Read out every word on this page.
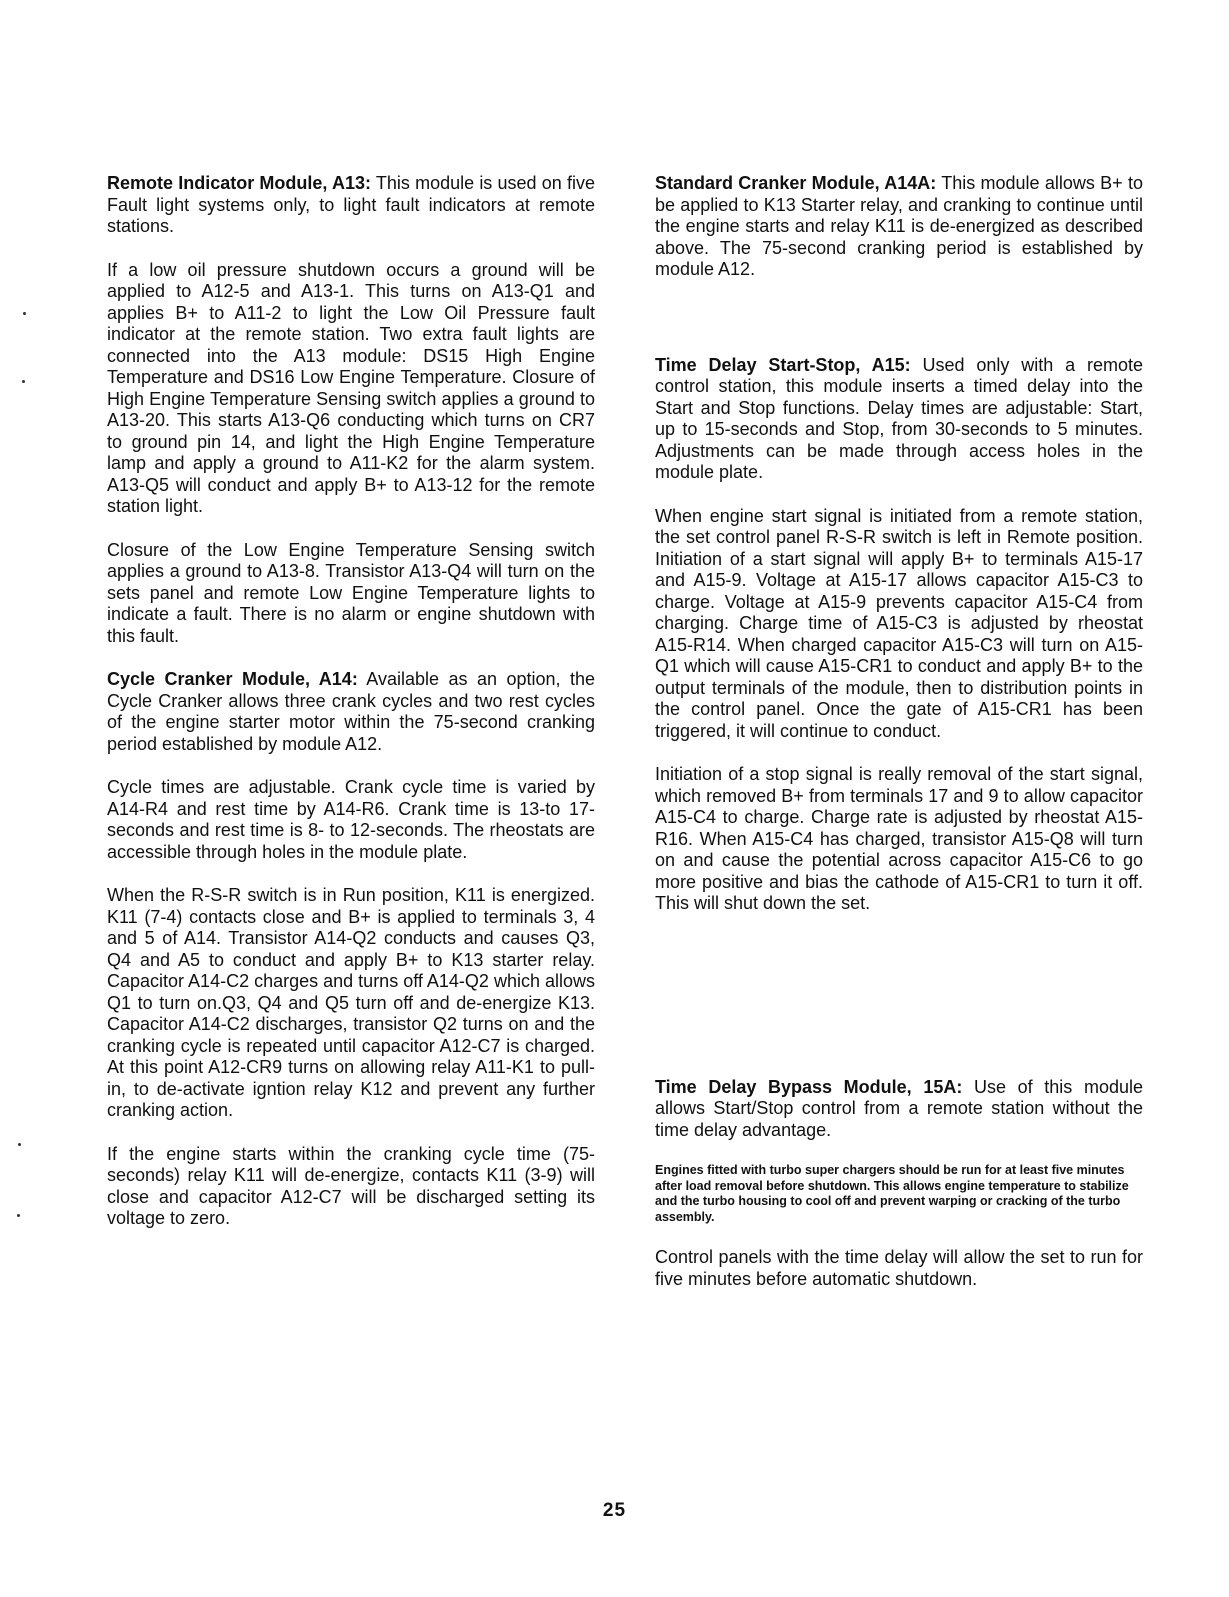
Remote Indicator Module, A13: This module is used on five Fault light systems only, to light fault indicators at remote stations.

If a low oil pressure shutdown occurs a ground will be applied to A12-5 and A13-1. This turns on A13-Q1 and applies B+ to A11-2 to light the Low Oil Pressure fault indicator at the remote station. Two extra fault lights are connected into the A13 module: DS15 High Engine Temperature and DS16 Low Engine Temperature. Closure of High Engine Temperature Sensing switch applies a ground to A13-20. This starts A13-Q6 conducting which turns on CR7 to ground pin 14, and light the High Engine Temperature lamp and apply a ground to A11-K2 for the alarm system. A13-Q5 will conduct and apply B+ to A13-12 for the remote station light.

Closure of the Low Engine Temperature Sensing switch applies a ground to A13-8. Transistor A13-Q4 will turn on the sets panel and remote Low Engine Temperature lights to indicate a fault. There is no alarm or engine shutdown with this fault.

Cycle Cranker Module, A14: Available as an option, the Cycle Cranker allows three crank cycles and two rest cycles of the engine starter motor within the 75-second cranking period established by module A12.

Cycle times are adjustable. Crank cycle time is varied by A14-R4 and rest time by A14-R6. Crank time is 13-to 17-seconds and rest time is 8- to 12-seconds. The rheostats are accessible through holes in the module plate.

When the R-S-R switch is in Run position, K11 is energized. K11 (7-4) contacts close and B+ is applied to terminals 3, 4 and 5 of A14. Transistor A14-Q2 conducts and causes Q3, Q4 and A5 to conduct and apply B+ to K13 starter relay. Capacitor A14-C2 charges and turns off A14-Q2 which allows Q1 to turn on.Q3, Q4 and Q5 turn off and de-energize K13. Capacitor A14-C2 discharges, transistor Q2 turns on and the cranking cycle is repeated until capacitor A12-C7 is charged. At this point A12-CR9 turns on allowing relay A11-K1 to pull-in, to de-activate igntion relay K12 and prevent any further cranking action.

If the engine starts within the cranking cycle time (75-seconds) relay K11 will de-energize, contacts K11 (3-9) will close and capacitor A12-C7 will be discharged setting its voltage to zero.

Standard Cranker Module, A14A: This module allows B+ to be applied to K13 Starter relay, and cranking to continue until the engine starts and relay K11 is de-energized as described above. The 75-second cranking period is established by module A12.

Time Delay Start-Stop, A15: Used only with a remote control station, this module inserts a timed delay into the Start and Stop functions. Delay times are adjustable: Start, up to 15-seconds and Stop, from 30-seconds to 5 minutes. Adjustments can be made through access holes in the module plate.

When engine start signal is initiated from a remote station, the set control panel R-S-R switch is left in Remote position. Initiation of a start signal will apply B+ to terminals A15-17 and A15-9. Voltage at A15-17 allows capacitor A15-C3 to charge. Voltage at A15-9 prevents capacitor A15-C4 from charging. Charge time of A15-C3 is adjusted by rheostat A15-R14. When charged capacitor A15-C3 will turn on A15-Q1 which will cause A15-CR1 to conduct and apply B+ to the output terminals of the module, then to distribution points in the control panel. Once the gate of A15-CR1 has been triggered, it will continue to conduct.

Initiation of a stop signal is really removal of the start signal, which removed B+ from terminals 17 and 9 to allow capacitor A15-C4 to charge. Charge rate is adjusted by rheostat A15-R16. When A15-C4 has charged, transistor A15-Q8 will turn on and cause the potential across capacitor A15-C6 to go more positive and bias the cathode of A15-CR1 to turn it off. This will shut down the set.

Time Delay Bypass Module, 15A: Use of this module allows Start/Stop control from a remote station without the time delay advantage.

Engines fitted with turbo super chargers should be run for at least five minutes after load removal before shutdown. This allows engine temperature to stabilize and the turbo housing to cool off and prevent warping or cracking of the turbo assembly.

Control panels with the time delay will allow the set to run for five minutes before automatic shutdown.

25
